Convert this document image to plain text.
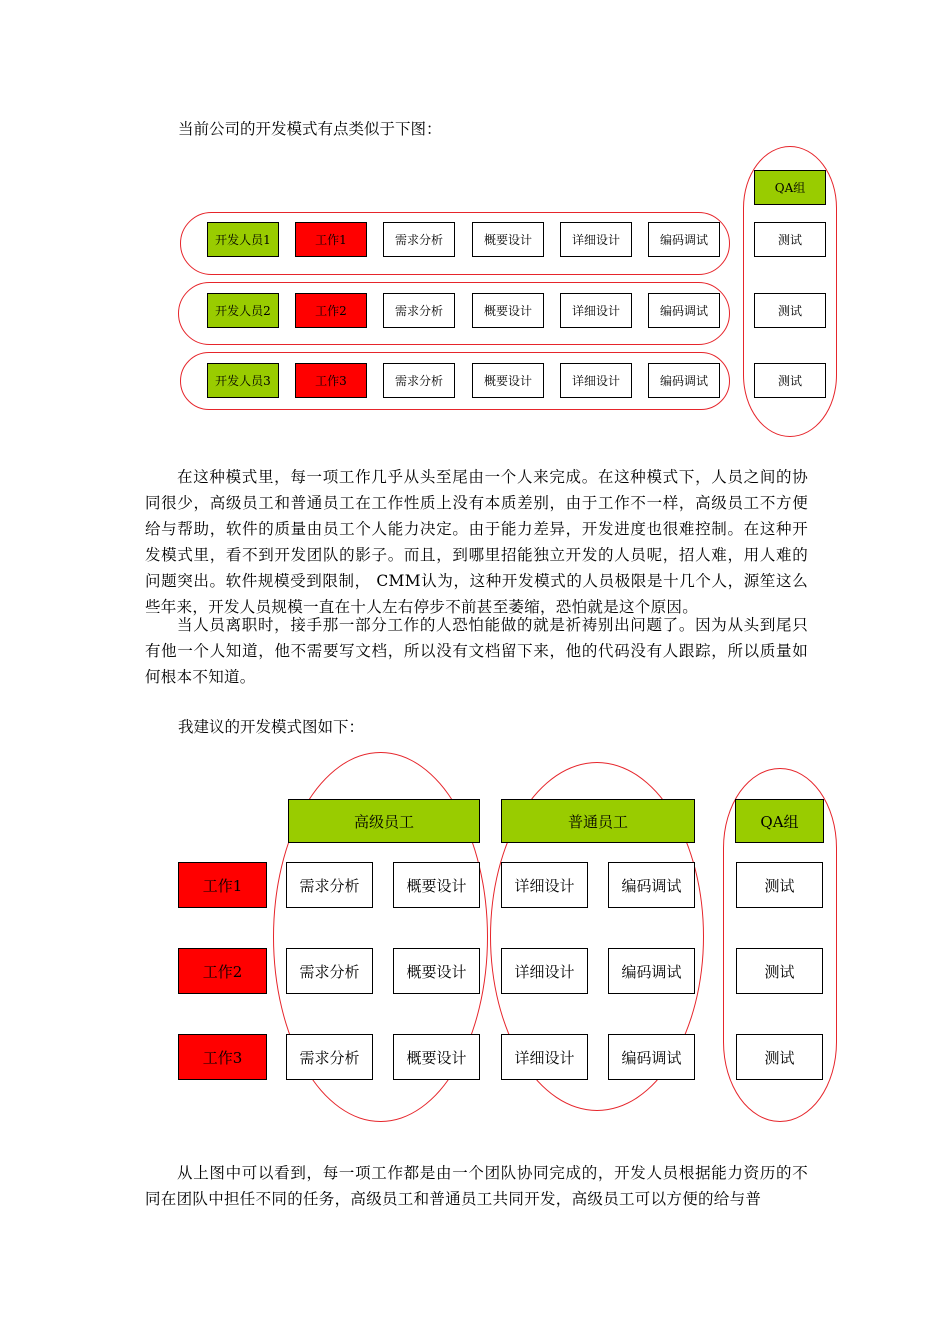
当前公司的开发模式有点类似于下图：

QA组
开发人员1	工作1	需求分析	概要设计	详细设计	编码调试	测试
开发人员2	工作2	需求分析	概要设计	详细设计	编码调试	测试
开发人员3	工作3	需求分析	概要设计	详细设计	编码调试	测试

在这种模式里，每一项工作几乎从头至尾由一个人来完成。在这种模式下，人员之间的协同很少，高级员工和普通员工在工作性质上没有本质差别，由于工作不一样，高级员工不方便给与帮助，软件的质量由员工个人能力决定。由于能力差异，开发进度也很难控制。在这种开发模式里，看不到开发团队的影子。而且，到哪里招能独立开发的人员呢，招人难，用人难的问题突出。软件规模受到限制， CMM认为，这种开发模式的人员极限是十几个人，源笙这么些年来，开发人员规模一直在十人左右停步不前甚至萎缩，恐怕就是这个原因。

当人员离职时，接手那一部分工作的人恐怕能做的就是祈祷别出问题了。因为从头到尾只有他一个人知道，他不需要写文档，所以没有文档留下来，他的代码没有人跟踪，所以质量如何根本不知道。

我建议的开发模式图如下：

高级员工	普通员工	QA组
工作1	需求分析	概要设计	详细设计	编码调试	测试
工作2	需求分析	概要设计	详细设计	编码调试	测试
工作3	需求分析	概要设计	详细设计	编码调试	测试

从上图中可以看到，每一项工作都是由一个团队协同完成的，开发人员根据能力资历的不同在团队中担任不同的任务，高级员工和普通员工共同开发，高级员工可以方便的给与普
